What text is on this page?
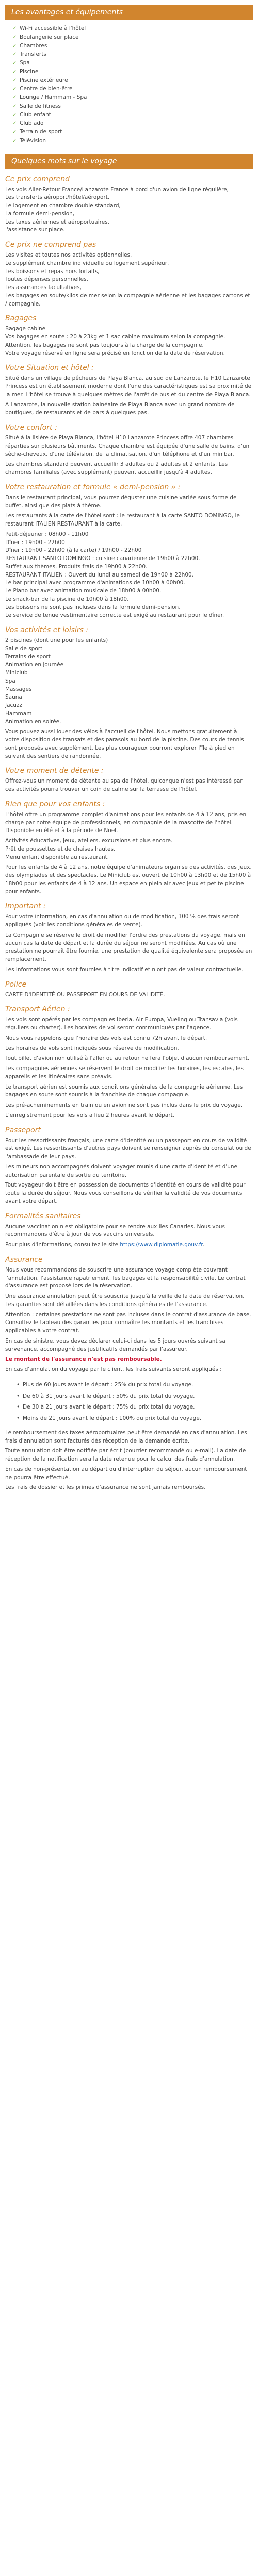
Les avantages et équipements
✓ Wi-Fi accessible à l'hôtel
✓ Boulangerie sur place
✓ Chambres
✓ Transferts
✓ Spa
✓ Piscine
✓ Piscine extérieure
✓ Centre de bien-être
✓ Lounge / Hammam - Spa
✓ Salle de fitness
✓ Club enfant
✓ Club ado
✓ Terrain de sport
✓ Télévision
Quelques mots sur le voyage
Ce prix comprend

Les vols Aller-Retour France/Lanzarote France à bord d'un avion de ligne régulière,

Les transferts aéroport/hôtel/aéroport,

Le logement en chambre double standard,

La formule demi-pension,

Les taxes aériennes et aéroportuaires,

l'assistance sur place.

Ce prix ne comprend pas

Les visites et toutes nos activités optionnelles,

Le supplément chambre individuelle ou logement supérieur,

Les boissons et repas hors forfaits,

Toutes dépenses personnelles,

Les assurances facultatives,

Les bagages en soute/kilos de mer selon la compagnie aérienne et les bagages cartons et / compagnie.

Bagages

Bagage cabine

Vos bagages en soute : 20 à 23kg et 1 sac cabine maximum selon la compagnie.

Attention, les bagages ne sont pas toujours à la charge de la compagnie.

Votre voyage réservé en ligne sera précisé en fonction de la date de réservation.

Votre Situation et hôtel :

Situé dans un village de pêcheurs de Playa Blanca, au sud de Lanzarote, le H10 Lanzarote Princess est un établissement moderne dont l'une des caractéristiques est sa proximité de la mer. L'hôtel se trouve à quelques mètres de l'arrêt de bus et du centre de Playa Blanca.

A Lanzarote, la nouvelle station balnéaire de Playa Blanca avec un grand nombre de boutiques, de restaurants et de bars à quelques pas.

Votre confort :

Situé à la lisière de Playa Blanca, l'hôtel H10 Lanzarote Princess offre 407 chambres réparties sur plusieurs bâtiments. Chaque chambre est équipée d'une salle de bains, d'un sèche-cheveux, d'une télévision, de la climatisation, d'un téléphone et d'un minibar.

Les chambres standard peuvent accueillir 3 adultes ou 2 adultes et 2 enfants. Les chambres familiales (avec supplément) peuvent accueillir jusqu'à 4 adultes.

Votre restauration et formule « demi-pension » :

Dans le restaurant principal, vous pourrez déguster une cuisine variée sous forme de buffet, ainsi que des plats à thème.

Les restaurants à la carte de l'hôtel sont : le restaurant à la carte SANTO DOMINGO, le restaurant ITALIEN RESTAURANT à la carte.

Petit-déjeuner : 08h00 - 11h00

Dîner : 19h00 - 22h00

Dîner : 19h00 - 22h00 (à la carte) / 19h00 - 22h00

RESTAURANT SANTO DOMINGO : cuisine canarienne de 19h00 à 22h00.

Buffet aux thèmes. Produits frais de 19h00 à 22h00.

RESTAURANT ITALIEN : Ouvert du lundi au samedi de 19h00 à 22h00.

Le bar principal avec programme d'animations de 10h00 à 00h00.

Le Piano bar avec animation musicale de 18h00 à 00h00.

Le snack-bar de la piscine de 10h00 à 18h00.

Les boissons ne sont pas incluses dans la formule demi-pension.

Le service de tenue vestimentaire correcte est exigé au restaurant pour le dîner.

Vos activités et loisirs :

2 piscines (dont une pour les enfants)

Salle de sport

Terrains de sport

Animation en journée

Miniclub

Spa

Massages

Sauna

Jacuzzi

Hammam

Animation en soirée.

Vous pouvez aussi louer des vélos à l'accueil de l'hôtel. Nous mettons gratuitement à votre disposition des transats et des parasols au bord de la piscine. Des cours de tennis sont proposés avec supplément. Les plus courageux pourront explorer l'île à pied en suivant des sentiers de randonnée.

Votre moment de détente :

Offrez-vous un moment de détente au spa de l'hôtel, quiconque n'est pas intéressé par ces activités pourra trouver un coin de calme sur la terrasse de l'hôtel.

Rien que pour vos enfants :

L'hôtel offre un programme complet d'animations pour les enfants de 4 à 12 ans, pris en charge par notre équipe de professionnels, en compagnie de la mascotte de l'hôtel. Disponible en été et à la période de Noël.

Activités éducatives, jeux, ateliers, excursions et plus encore.

Prêt de poussettes et de chaises hautes.

Menu enfant disponible au restaurant.

Pour les enfants de 4 à 12 ans, notre équipe d'animateurs organise des activités, des jeux, des olympiades et des spectacles. Le Miniclub est ouvert de 10h00 à 13h00 et de 15h00 à 18h00 pour les enfants de 4 à 12 ans. Un espace en plein air avec jeux et petite piscine pour enfants.

Important :

Pour votre information, en cas d'annulation ou de modification, 100 % des frais seront appliqués (voir les conditions générales de vente).

La Compagnie se réserve le droit de modifier l'ordre des prestations du voyage, mais en aucun cas la date de départ et la durée du séjour ne seront modifiées. Au cas où une prestation ne pourrait être fournie, une prestation de qualité équivalente sera proposée en remplacement.

Les informations vous sont fournies à titre indicatif et n'ont pas de valeur contractuelle.

Police

CARTE D'IDENTITÉ OU PASSEPORT EN COURS DE VALIDITÉ.

Transport Aérien :

Les vols sont opérés par les compagnies Iberia, Air Europa, Vueling ou Transavia (vols réguliers ou charter). Les horaires de vol seront communiqués par l'agence.

Nous vous rappelons que l'horaire des vols est connu 72h avant le départ.

Les horaires de vols sont indiqués sous réserve de modification.

Tout billet d'avion non utilisé à l'aller ou au retour ne fera l'objet d'aucun remboursement.

Les compagnies aériennes se réservent le droit de modifier les horaires, les escales, les appareils et les itinéraires sans préavis.

Le transport aérien est soumis aux conditions générales de la compagnie aérienne. Les bagages en soute sont soumis à la franchise de chaque compagnie.

Les pré-acheminements en train ou en avion ne sont pas inclus dans le prix du voyage.

L'enregistrement pour les vols a lieu 2 heures avant le départ.

Passeport

Pour les ressortissants français, une carte d'identité ou un passeport en cours de validité est exigé. Les ressortissants d'autres pays doivent se renseigner auprès du consulat ou de l'ambassade de leur pays.

Les mineurs non accompagnés doivent voyager munis d'une carte d'identité et d'une autorisation parentale de sortie du territoire.

Tout voyageur doit être en possession de documents d'identité en cours de validité pour toute la durée du séjour. Nous vous conseillons de vérifier la validité de vos documents avant votre départ.

Formalités sanitaires

Aucune vaccination n'est obligatoire pour se rendre aux îles Canaries. Nous vous recommandons d'être à jour de vos vaccins universels.

Pour plus d'informations, consultez le site https://www.diplomatie.gouv.fr.

Assurance

Nous vous recommandons de souscrire une assurance voyage complète couvrant l'annulation, l'assistance rapatriement, les bagages et la responsabilité civile. Le contrat d'assurance est proposé lors de la réservation.

Une assurance annulation peut être souscrite jusqu'à la veille de la date de réservation. Les garanties sont détaillées dans les conditions générales de l'assurance.

Attention : certaines prestations ne sont pas incluses dans le contrat d'assurance de base. Consultez le tableau des garanties pour connaître les montants et les franchises applicables à votre contrat.

En cas de sinistre, vous devez déclarer celui-ci dans les 5 jours ouvrés suivant sa survenance, accompagné des justificatifs demandés par l'assureur.

Le montant de l'assurance n'est pas remboursable.

En cas d'annulation du voyage par le client, les frais suivants seront appliqués :

• Plus de 60 jours avant le départ : 25% du prix total du voyage.
• De 60 à 31 jours avant le départ : 50% du prix total du voyage.
• De 30 à 21 jours avant le départ : 75% du prix total du voyage.
• Moins de 21 jours avant le départ : 100% du prix total du voyage.

Le remboursement des taxes aéroportuaires peut être demandé en cas d'annulation. Les frais d'annulation sont facturés dès réception de la demande écrite.

Toute annulation doit être notifiée par écrit (courrier recommandé ou e-mail). La date de réception de la notification sera la date retenue pour le calcul des frais d'annulation.

En cas de non-présentation au départ ou d'interruption du séjour, aucun remboursement ne pourra être effectué.

Les frais de dossier et les primes d'assurance ne sont jamais remboursés.
